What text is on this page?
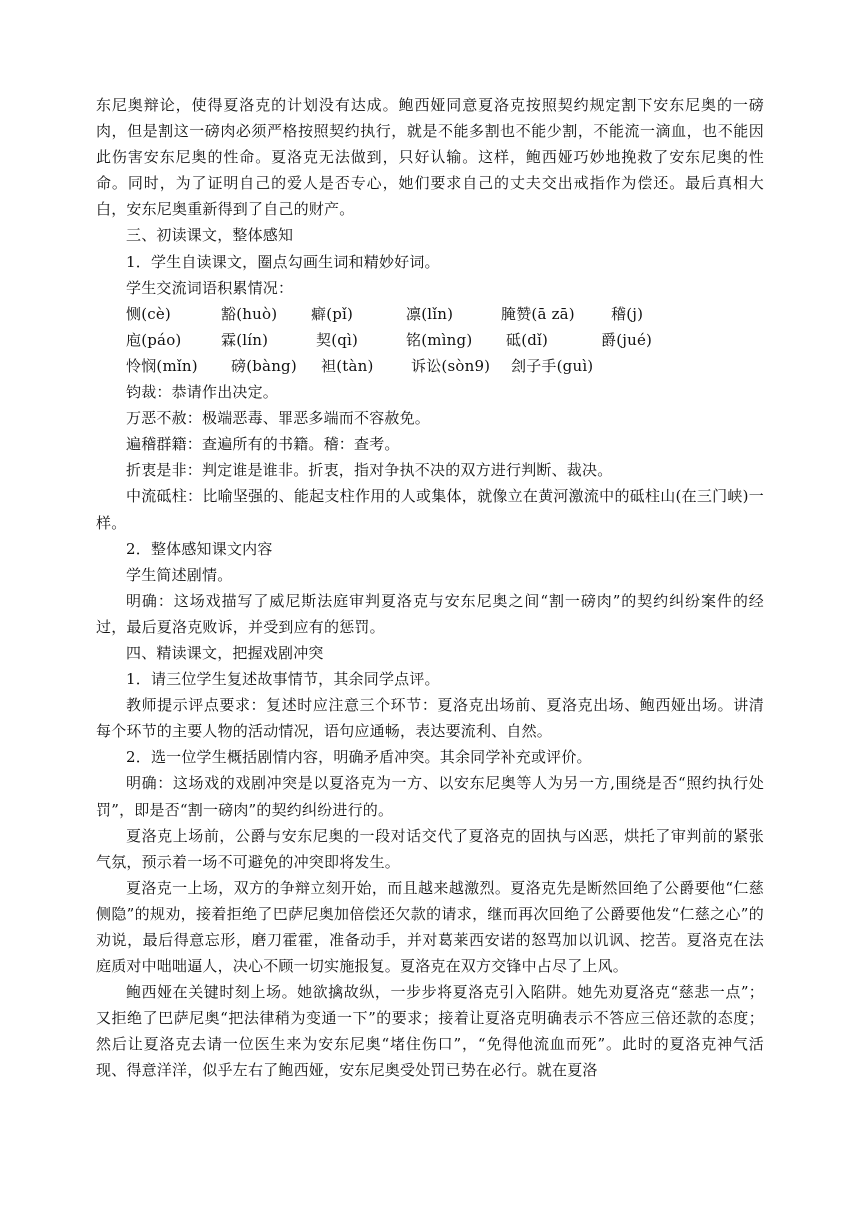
东尼奥辩论，使得夏洛克的计划没有达成。鲍西娅同意夏洛克按照契约规定割下安东尼奥的一磅肉，但是割这一磅肉必须严格按照契约执行，就是不能多割也不能少割，不能流一滴血，也不能因此伤害安东尼奥的性命。夏洛克无法做到，只好认输。这样，鲍西娅巧妙地挽救了安东尼奥的性命。同时，为了证明自己的爱人是否专心，她们要求自己的丈夫交出戒指作为偿还。最后真相大白，安东尼奥重新得到了自己的财产。

三、初读课文，整体感知

1．学生自读课文，圈点勾画生词和精妙好词。

学生交流词语积累情况：

恻(cè)	豁(huò)	癖(pǐ)	凛(lǐn)	腌赞(ā zā)	稽(j)
庖(páo)	霖(lín)	契(qì)	铭(mìng)	砥(dǐ)	爵(jué)
怜悯(mǐn)	磅(bàng)	袒(tàn)	诉讼(sòn9)	刽子手(guì)

钧裁：恭请作出决定。

万恶不赦：极端恶毒、罪恶多端而不容赦免。

遍稽群籍：查遍所有的书籍。稽：查考。

折衷是非：判定谁是谁非。折衷，指对争执不决的双方进行判断、裁决。

中流砥柱：比喻坚强的、能起支柱作用的人或集体，就像立在黄河激流中的砥柱山(在三门峡)一样。

2．整体感知课文内容

学生简述剧情。

明确：这场戏描写了威尼斯法庭审判夏洛克与安东尼奥之间“割一磅肉”的契约纠纷案件的经过，最后夏洛克败诉，并受到应有的惩罚。

四、精读课文，把握戏剧冲突

1．请三位学生复述故事情节，其余同学点评。

教师提示评点要求：复述时应注意三个环节：夏洛克出场前、夏洛克出场、鲍西娅出场。讲清每个环节的主要人物的活动情况，语句应通畅，表达要流利、自然。

2．选一位学生概括剧情内容，明确矛盾冲突。其余同学补充或评价。

明确：这场戏的戏剧冲突是以夏洛克为一方、以安东尼奥等人为另一方,围绕是否“照约执行处罚”，即是否“割一磅肉”的契约纠纷进行的。

夏洛克上场前，公爵与安东尼奥的一段对话交代了夏洛克的固执与凶恶，烘托了审判前的紧张气氛，预示着一场不可避免的冲突即将发生。

夏洛克一上场，双方的争辩立刻开始，而且越来越激烈。夏洛克先是断然回绝了公爵要他“仁慈侧隐”的规劝，接着拒绝了巴萨尼奥加倍偿还欠款的请求，继而再次回绝了公爵要他发“仁慈之心”的劝说，最后得意忘形，磨刀霍霍，准备动手，并对葛莱西安诺的怒骂加以讥讽、挖苦。夏洛克在法庭质对中咄咄逼人，决心不顾一切实施报复。夏洛克在双方交锋中占尽了上风。

鲍西娅在关键时刻上场。她欲擒故纵，一步步将夏洛克引入陷阱。她先劝夏洛克“慈悲一点”；又拒绝了巴萨尼奥“把法律稍为变通一下”的要求；接着让夏洛克明确表示不答应三倍还款的态度；然后让夏洛克去请一位医生来为安东尼奥“堵住伤口”，“免得他流血而死”。此时的夏洛克神气活现、得意洋洋，似乎左右了鲍西娅，安东尼奥受处罚已势在必行。就在夏洛
